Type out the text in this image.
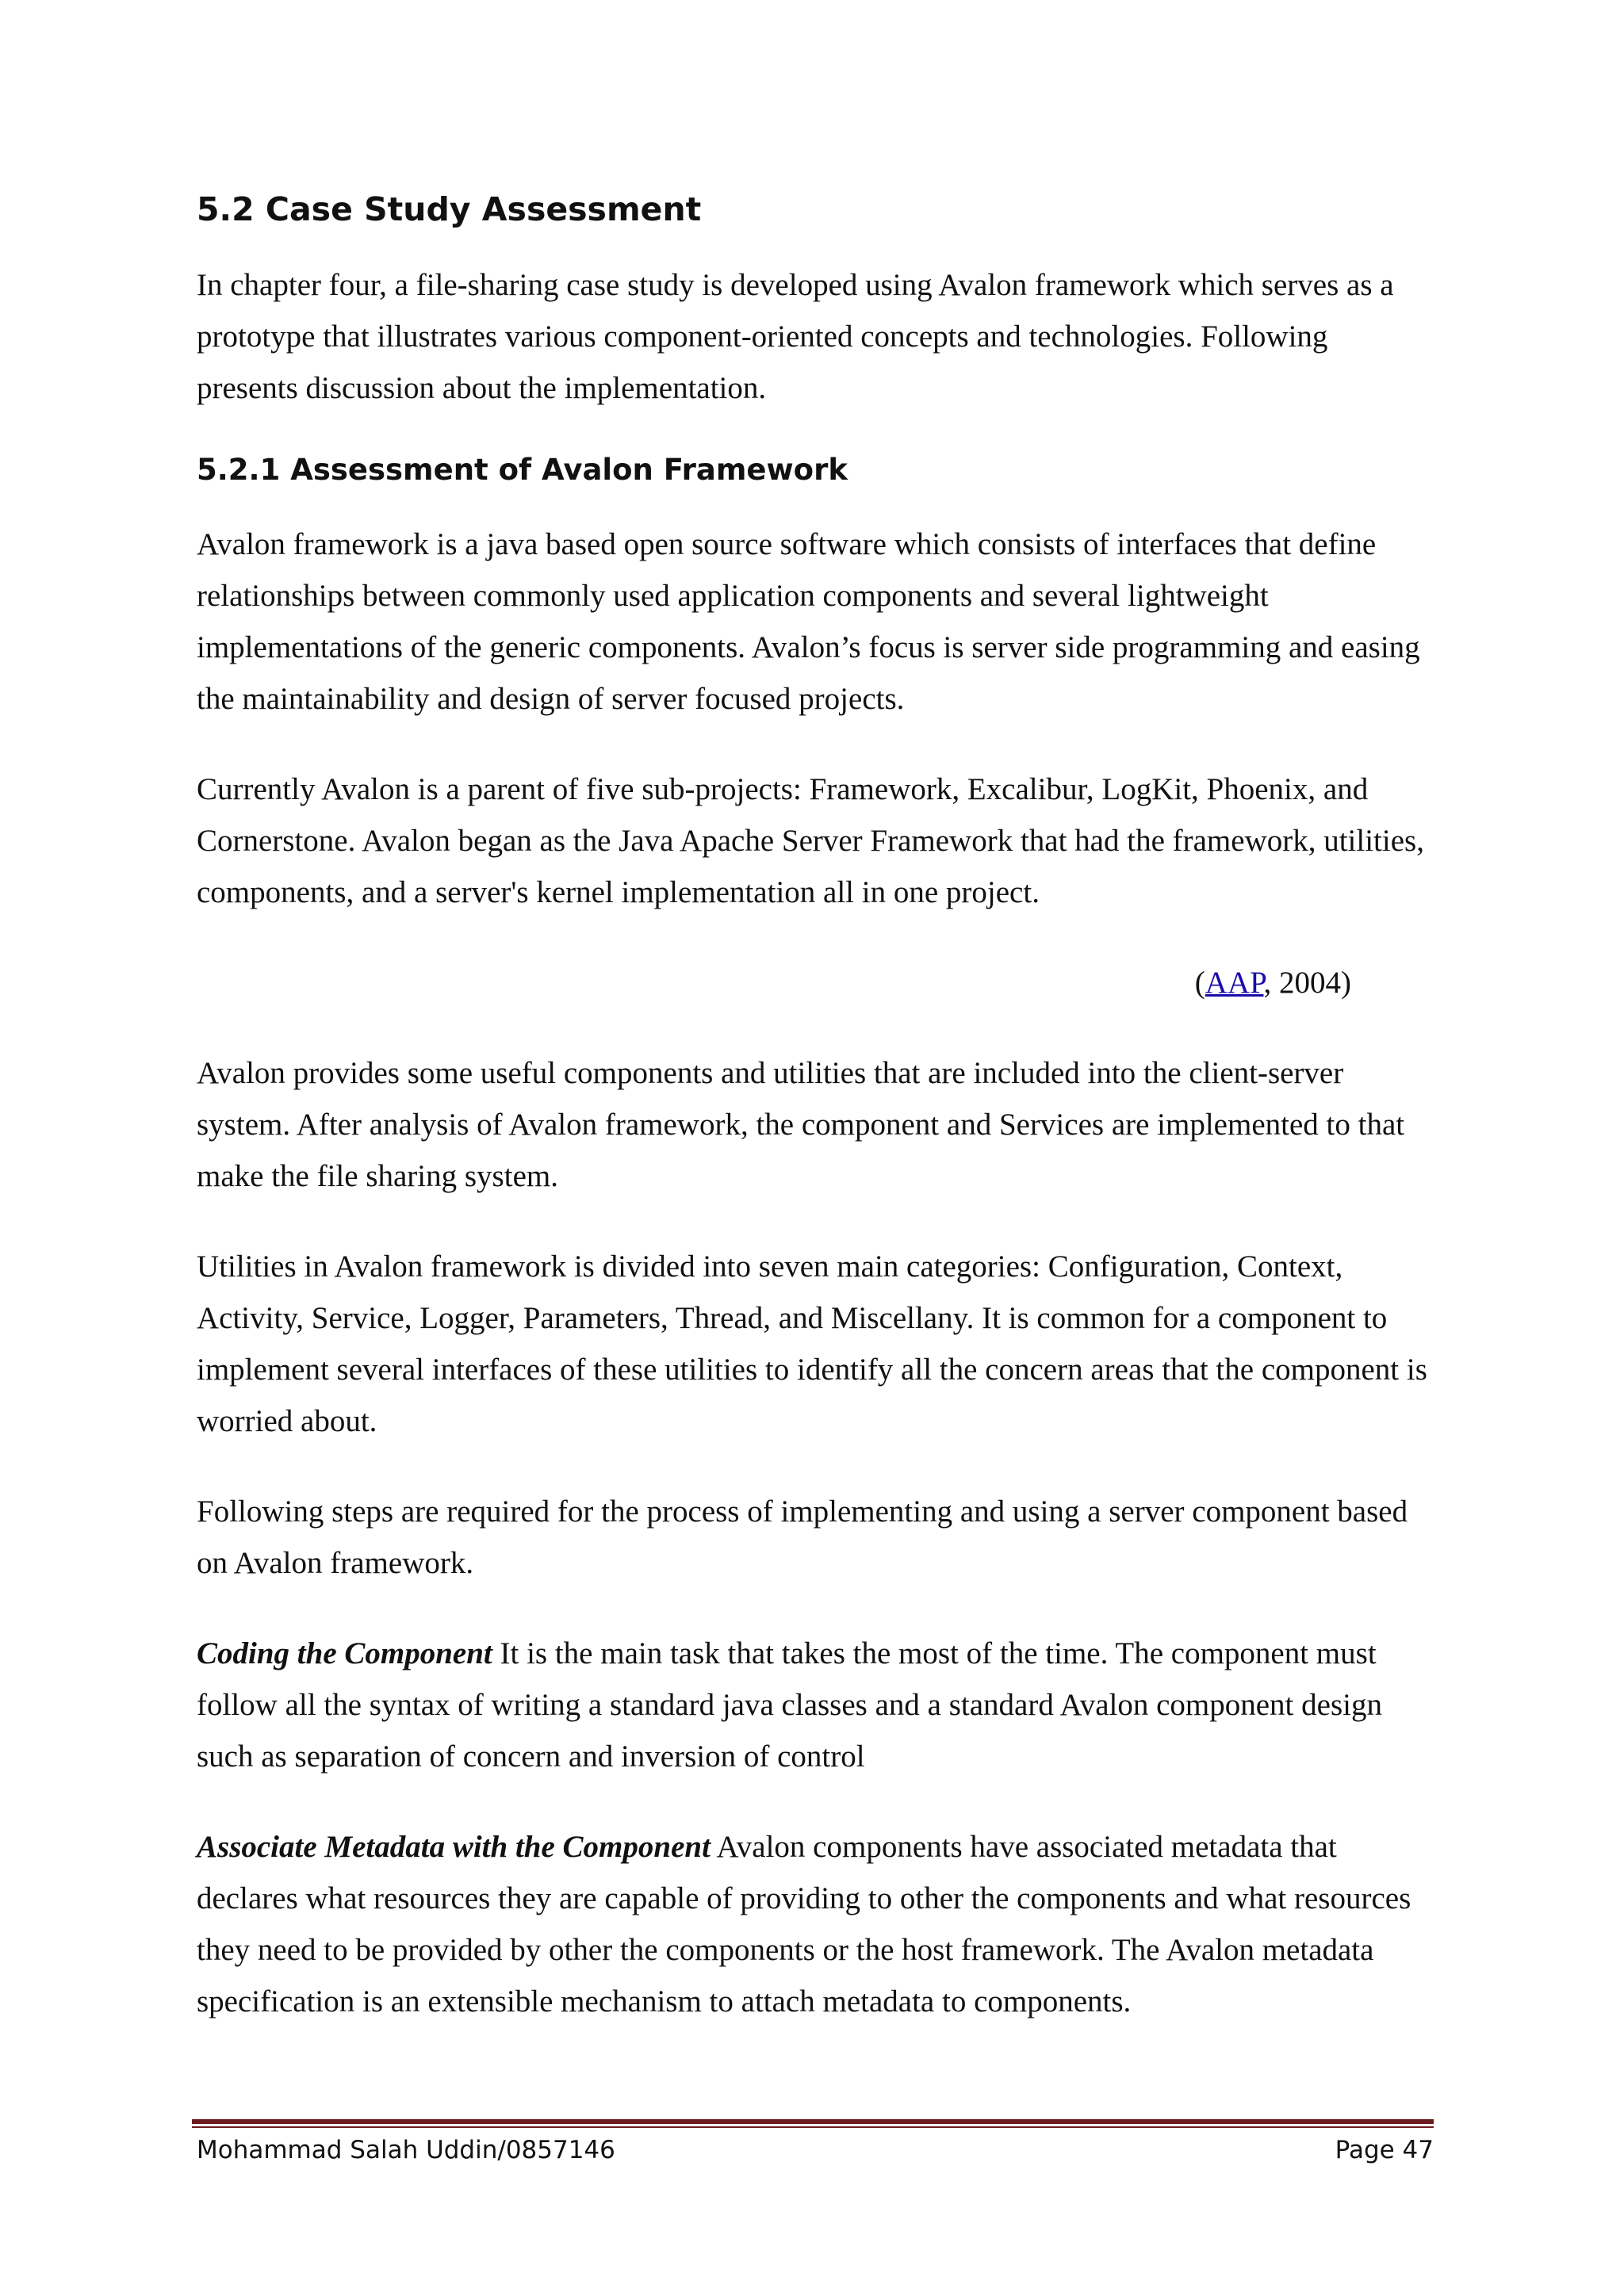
5.2 Case Study Assessment

In chapter four, a file-sharing case study is developed using Avalon framework which serves as a prototype that illustrates various component-oriented concepts and technologies. Following presents discussion about the implementation.

5.2.1 Assessment of Avalon Framework

Avalon framework is a java based open source software which consists of interfaces that define relationships between commonly used application components and several lightweight implementations of the generic components. Avalon’s focus is server side programming and easing the maintainability and design of server focused projects.

Currently Avalon is a parent of five sub-projects: Framework, Excalibur, LogKit, Phoenix, and Cornerstone. Avalon began as the Java Apache Server Framework that had the framework, utilities, components, and a server's kernel implementation all in one project.

(AAP, 2004)

Avalon provides some useful components and utilities that are included into the client-server system. After analysis of Avalon framework, the component and Services are implemented to that make the file sharing system.

Utilities in Avalon framework is divided into seven main categories: Configuration, Context, Activity, Service, Logger, Parameters, Thread, and Miscellany. It is common for a component to implement several interfaces of these utilities to identify all the concern areas that the component is worried about.

Following steps are required for the process of implementing and using a server component based on Avalon framework.

Coding the Component It is the main task that takes the most of the time. The component must follow all the syntax of writing a standard java classes and a standard Avalon component design such as separation of concern and inversion of control

Associate Metadata with the Component Avalon components have associated metadata that declares what resources they are capable of providing to other the components and what resources they need to be provided by other the components or the host framework. The Avalon metadata specification is an extensible mechanism to attach metadata to components.

Mohammad Salah Uddin/0857146	Page 47
